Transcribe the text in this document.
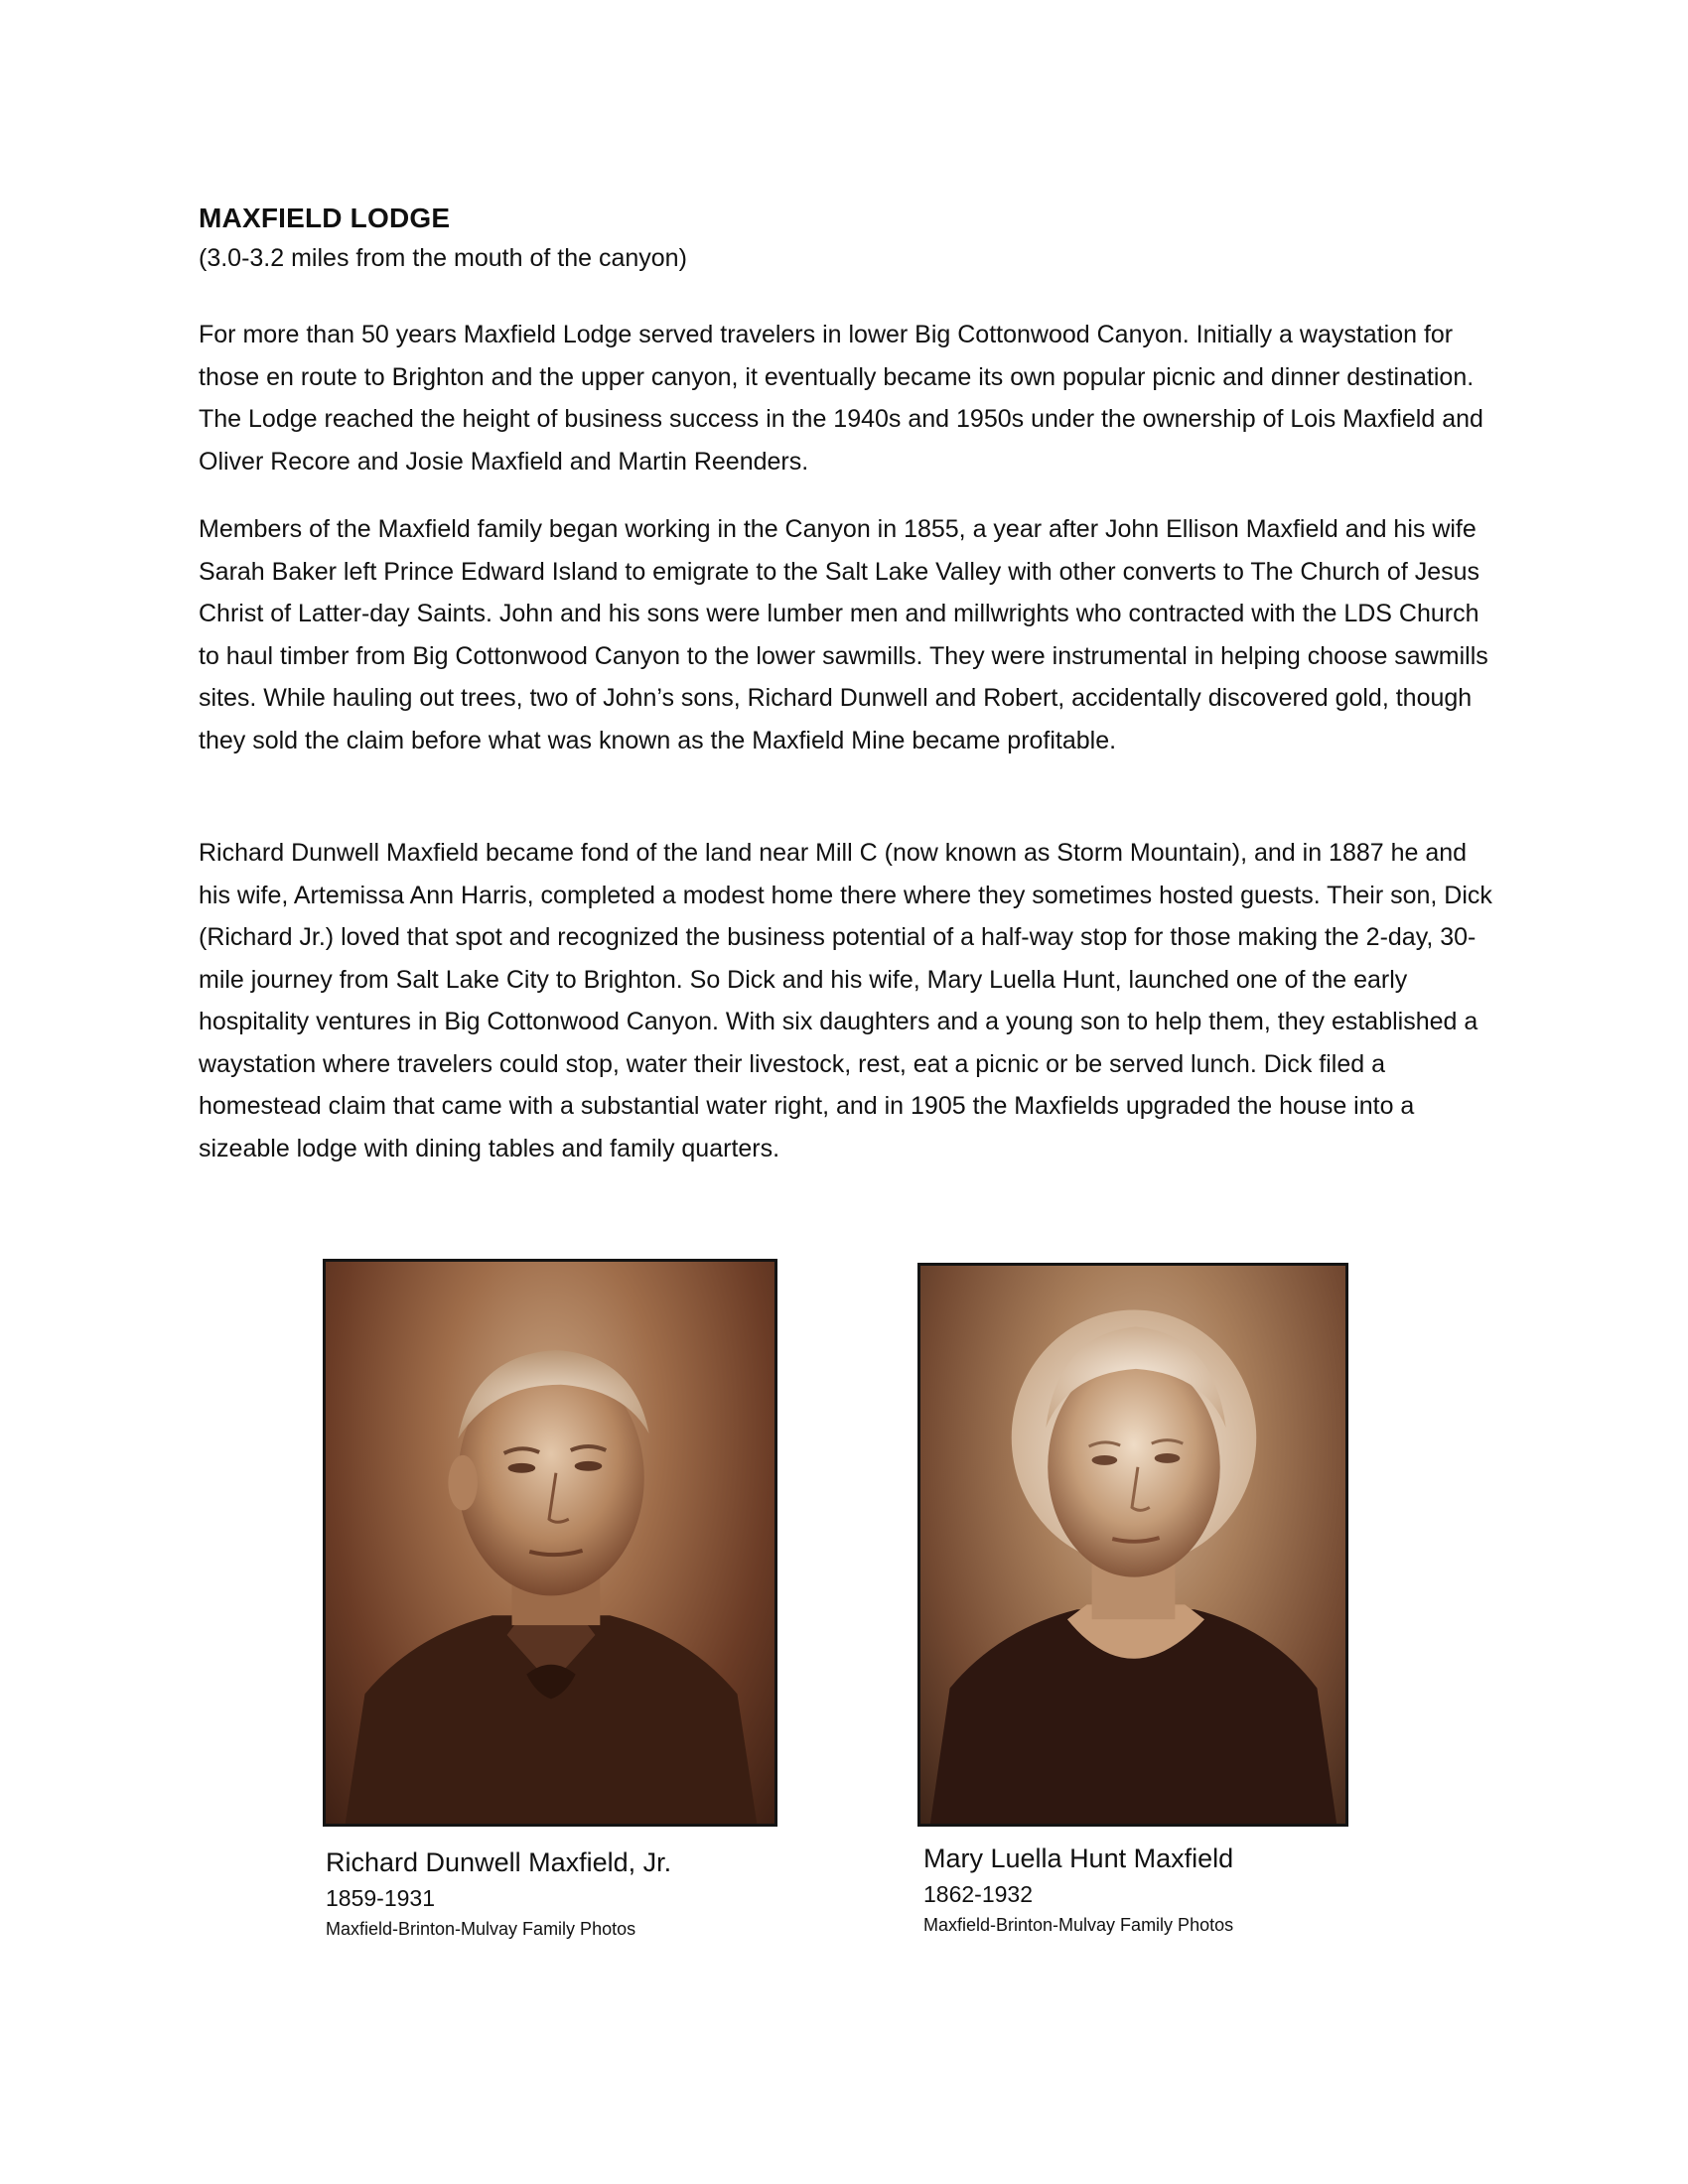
MAXFIELD LODGE
(3.0-3.2 miles from the mouth of the canyon)

For more than 50 years Maxfield Lodge served travelers in lower Big Cottonwood Canyon. Initially a waystation for those en route to Brighton and the upper canyon, it eventually became its own popular picnic and dinner destination. The Lodge reached the height of business success in the 1940s and 1950s under the ownership of Lois Maxfield and Oliver Recore and Josie Maxfield and Martin Reenders.

Members of the Maxfield family began working in the Canyon in 1855, a year after John Ellison Maxfield and his wife Sarah Baker left Prince Edward Island to emigrate to the Salt Lake Valley with other converts to The Church of Jesus Christ of Latter-day Saints. John and his sons were lumber men and millwrights who contracted with the LDS Church to haul timber from Big Cottonwood Canyon to the lower sawmills. They were instrumental in helping choose sawmills sites. While hauling out trees, two of John’s sons, Richard Dunwell and Robert, accidentally discovered gold, though they sold the claim before what was known as the Maxfield Mine became profitable.

Richard Dunwell Maxfield became fond of the land near Mill C (now known as Storm Mountain), and in 1887 he and his wife, Artemissa Ann Harris, completed a modest home there where they sometimes hosted guests. Their son, Dick (Richard Jr.) loved that spot and recognized the business potential of a half-way stop for those making the 2-day, 30-mile journey from Salt Lake City to Brighton. So Dick and his wife, Mary Luella Hunt, launched one of the early hospitality ventures in Big Cottonwood Canyon. With six daughters and a young son to help them, they established a waystation where travelers could stop, water their livestock, rest, eat a picnic or be served lunch. Dick filed a homestead claim that came with a substantial water right, and in 1905 the Maxfields upgraded the house into a sizeable lodge with dining tables and family quarters.

Richard Dunwell Maxfield, Jr.
1859-1931
Maxfield-Brinton-Mulvay Family Photos
Mary Luella Hunt Maxfield
1862-1932
Maxfield-Brinton-Mulvay Family Photos
